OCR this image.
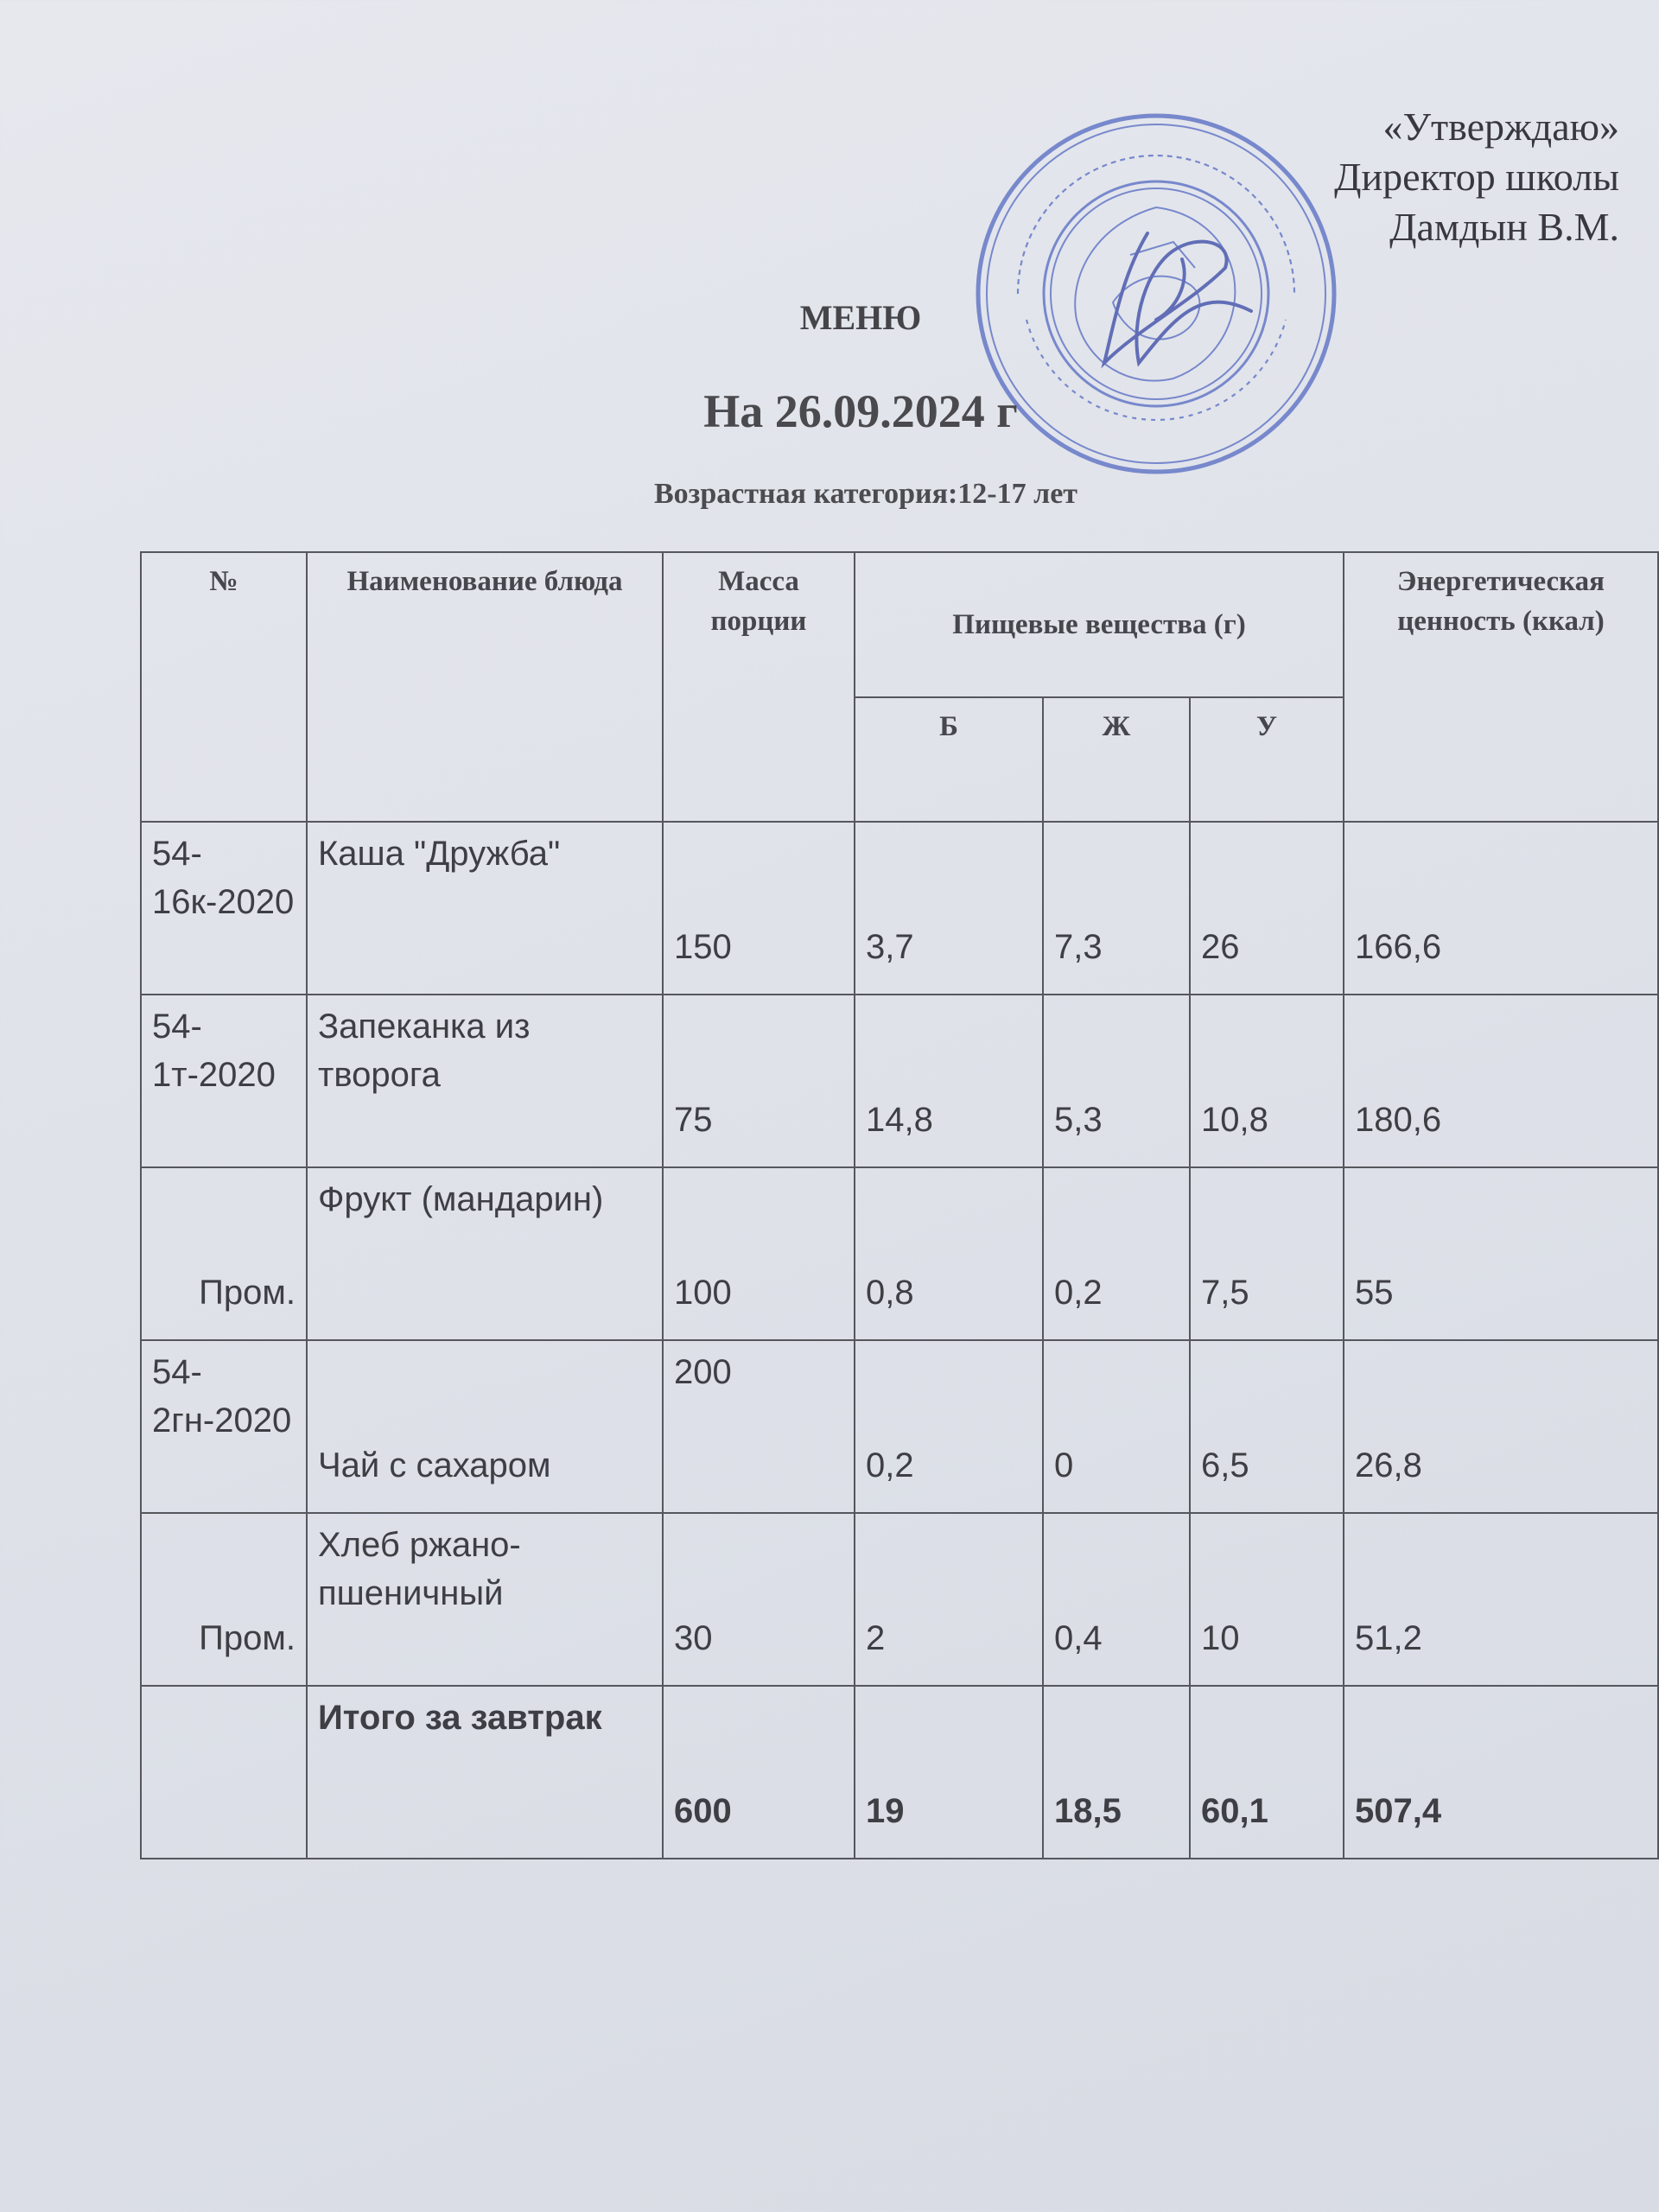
«Утверждаю»
Директор школы
Дамдын В.М.
МЕНЮ
На 26.09.2024 г
Возрастная категория:12-17 лет
№	Наименование блюда	Масса порции	Пищевые вещества (г)			Энергетическая ценность (ккал)
			Б	Ж	У	
54-16к-2020	Каша "Дружба"	150	3,7	7,3	26	166,6
54-1т-2020	Запеканка из творога	75	14,8	5,3	10,8	180,6
Пром.	Фрукт (мандарин)	100	0,8	0,2	7,5	55
54-2гн-2020	Чай с сахаром	200	0,2	0	6,5	26,8
Пром.	Хлеб ржано-пшеничный	30	2	0,4	10	51,2
	Итого за завтрак	600	19	18,5	60,1	507,4
